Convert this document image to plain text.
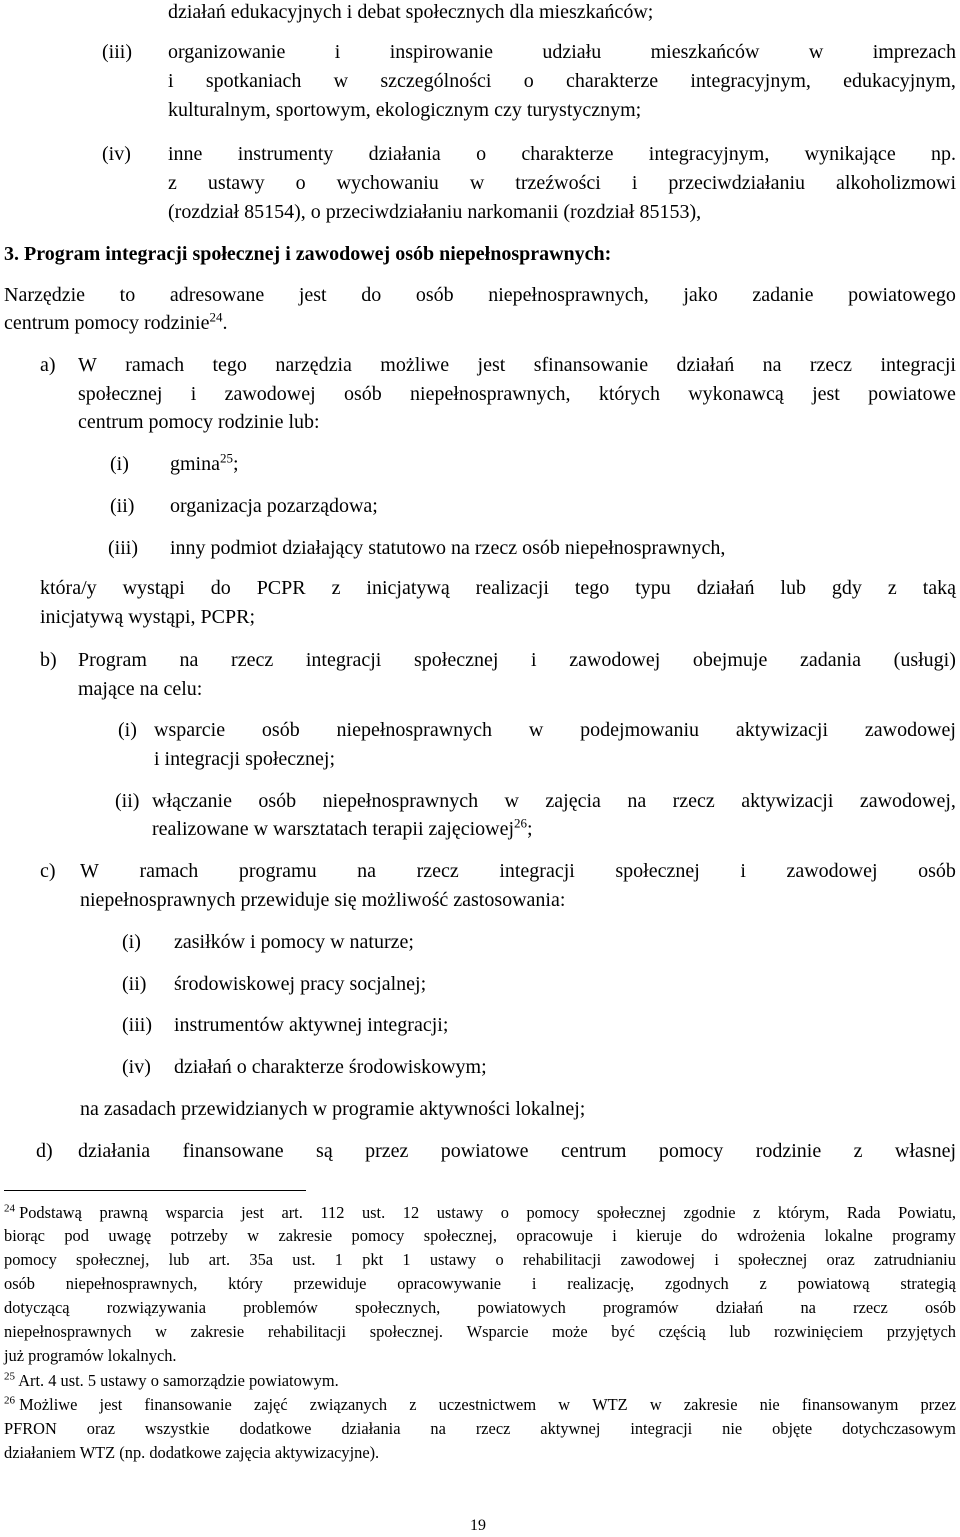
działań edukacyjnych i debat społecznych dla mieszkańców;
(iii) organizowanie i inspirowanie udziału mieszkańców w imprezach
i spotkaniach w szczególności o charakterze integracyjnym, edukacyjnym,
kulturalnym, sportowym, ekologicznym czy turystycznym;
(iv) inne instrumenty działania o charakterze integracyjnym, wynikające np.
z ustawy o wychowaniu w trzeźwości i przeciwdziałaniu alkoholizmowi
(rozdział 85154), o przeciwdziałaniu narkomanii (rozdział 85153),
3. Program integracji społecznej i zawodowej osób niepełnosprawnych:
Narzędzie to adresowane jest do osób niepełnosprawnych, jako zadanie powiatowego
centrum pomocy rodzinie$^{24}$.
a) W ramach tego narzędzia możliwe jest sfinansowanie działań na rzecz integracji
społecznej i zawodowej osób niepełnosprawnych, których wykonawcą jest powiatowe
centrum pomocy rodzinie lub:
(i) gmina$^{25}$;
(ii) organizacja pozarządowa;
(iii) inny podmiot działający statutowo na rzecz osób niepełnosprawnych,
która/y wystąpi do PCPR z inicjatywą realizacji tego typu działań lub gdy z taką
inicjatywą wystąpi, PCPR;
b) Program na rzecz integracji społecznej i zawodowej obejmuje zadania (usługi)
mające na celu:
(i) wsparcie osób niepełnosprawnych w podejmowaniu aktywizacji zawodowej
i integracji społecznej;
(ii) włączanie osób niepełnosprawnych w zajęcia na rzecz aktywizacji zawodowej,
realizowane w warsztatach terapii zajęciowej$^{26}$;
c) W ramach programu na rzecz integracji społecznej i zawodowej osób
niepełnosprawnych przewiduje się możliwość zastosowania:
(i) zasiłków i pomocy w naturze;
(ii) środowiskowej pracy socjalnej;
(iii) instrumentów aktywnej integracji;
(iv) działań o charakterze środowiskowym;
na zasadach przewidzianych w programie aktywności lokalnej;
d) działania finansowane są przez powiatowe centrum pomocy rodzinie z własnej
$^{24}$ Podstawą prawną wsparcia jest art. 112 ust. 12 ustawy o pomocy społecznej zgodnie z którym, Rada Powiatu,
biorąc pod uwagę potrzeby w zakresie pomocy społecznej, opracowuje i kieruje do wdrożenia lokalne programy
pomocy społecznej, lub art. 35a ust. 1 pkt 1 ustawy o rehabilitacji zawodowej i społecznej oraz zatrudnianiu
osób niepełnosprawnych, który przewiduje opracowywanie i realizację, zgodnych z powiatową strategią
dotyczącą rozwiązywania problemów społecznych, powiatowych programów działań na rzecz osób
niepełnosprawnych w zakresie rehabilitacji społecznej. Wsparcie może być częścią lub rozwinięciem przyjętych
już programów lokalnych.
$^{25}$ Art. 4 ust. 5 ustawy o samorządzie powiatowym.
$^{26}$ Możliwe jest finansowanie zajęć związanych z uczestnictwem w WTZ w zakresie nie finansowanym przez
PFRON oraz wszystkie dodatkowe działania na rzecz aktywnej integracji nie objęte dotychczasowym
działaniem WTZ (np. dodatkowe zajęcia aktywizacyjne).
19
